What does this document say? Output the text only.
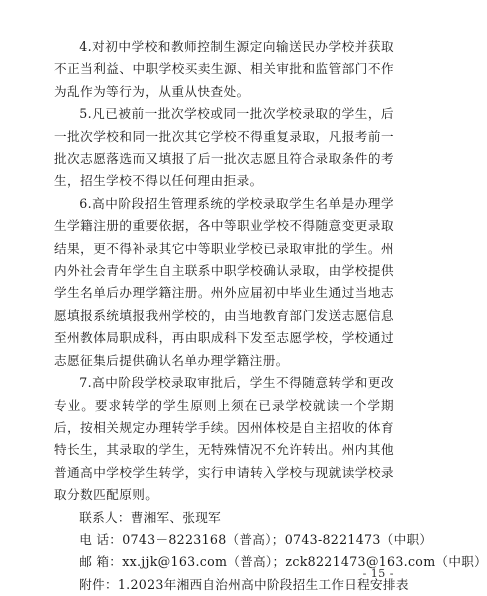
4.对初中学校和教师控制生源定向输送民办学校并获取不正当利益、中职学校买卖生源、相关审批和监管部门不作为乱作为等行为，从重从快查处。

5.凡已被前一批次学校或同一批次学校录取的学生，后一批次学校和同一批次其它学校不得重复录取，凡报考前一批次志愿落选而又填报了后一批次志愿且符合录取条件的考生，招生学校不得以任何理由拒录。

6.高中阶段招生管理系统的学校录取学生名单是办理学生学籍注册的重要依据，各中等职业学校不得随意变更录取结果，更不得补录其它中等职业学校已录取审批的学生。州内外社会青年学生自主联系中职学校确认录取，由学校提供学生名单后办理学籍注册。州外应届初中毕业生通过当地志愿填报系统填报我州学校的，由当地教育部门发送志愿信息至州教体局职成科，再由职成科下发至志愿学校，学校通过志愿征集后提供确认名单办理学籍注册。

7.高中阶段学校录取审批后，学生不得随意转学和更改专业。要求转学的学生原则上须在已录学校就读一个学期后，按相关规定办理转学手续。因州体校是自主招收的体育特长生，其录取的学生，无特殊情况不允许转出。州内其他普通高中学校学生转学，实行申请转入学校与现就读学校录取分数匹配原则。

联系人：曹湘军、张现军
电 话：0743－8223168（普高）；0743-8221473（中职）
邮 箱：xx.jjk@163.com（普高）；zck8221473@163.com（中职）
附件：1.2023年湘西自治州高中阶段招生工作日程安排表
- 15 -
